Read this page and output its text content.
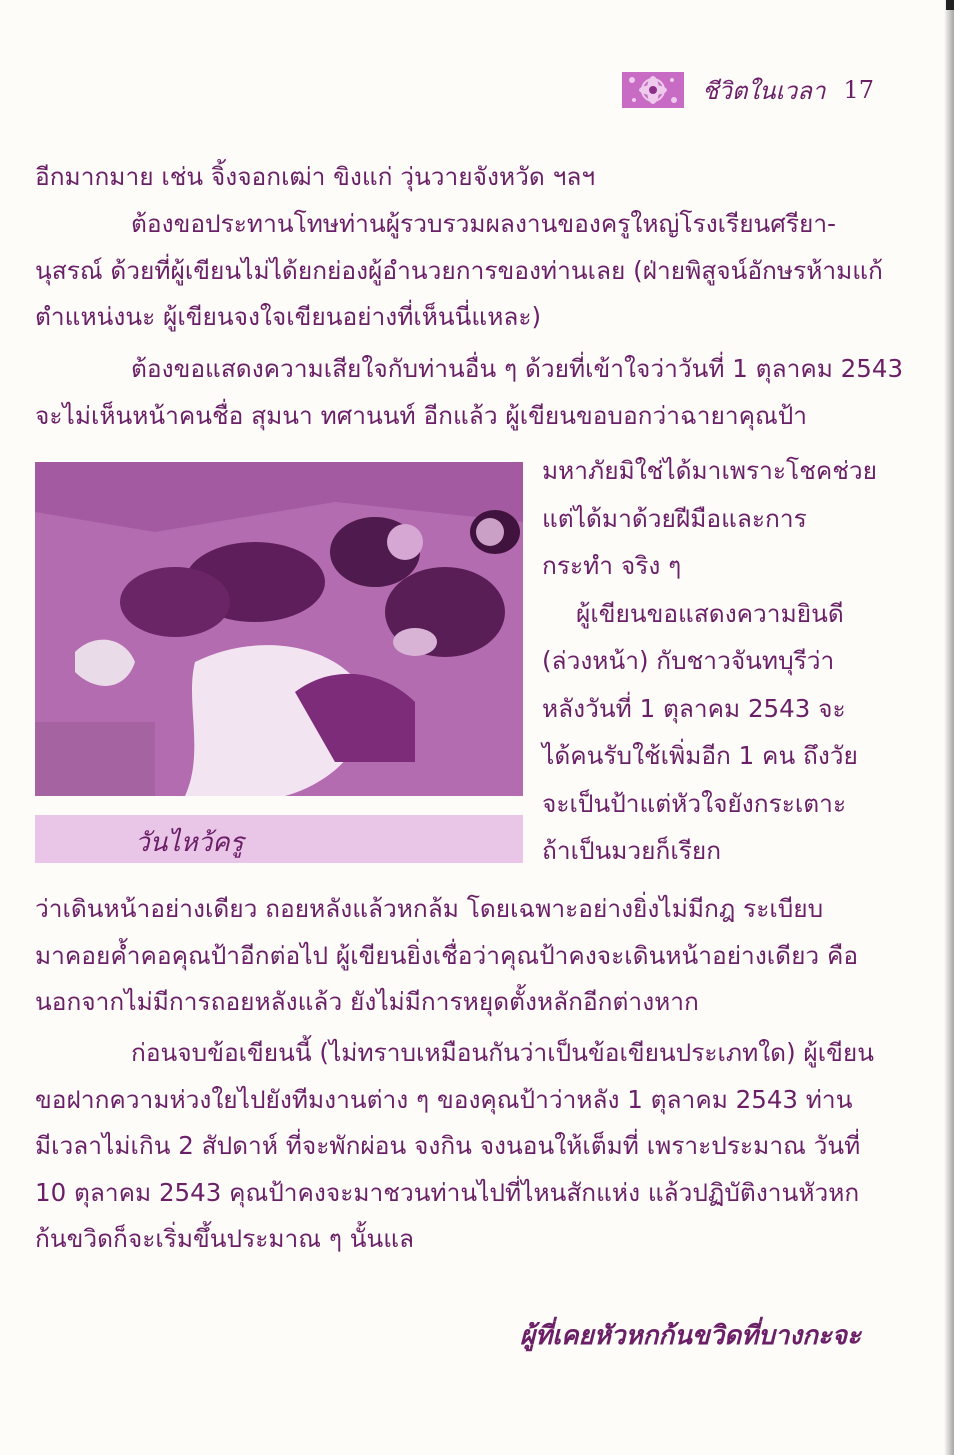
ชีวิตในเวลา 17
อีกมากมาย เช่น จิ้งจอกเฒ่า ขิงแก่ วุ่นวายจังหวัด ฯลฯ
ต้องขอประทานโทษท่านผู้รวบรวมผลงานของครูใหญ่โรงเรียนศรียา-
นุสรณ์ ด้วยที่ผู้เขียนไม่ได้ยกย่องผู้อำนวยการของท่านเลย (ฝ่ายพิสูจน์อักษรห้ามแก้
ตำแหน่งนะ ผู้เขียนจงใจเขียนอย่างที่เห็นนี่แหละ)
ต้องขอแสดงความเสียใจกับท่านอื่น ๆ ด้วยที่เข้าใจว่าวันที่ 1 ตุลาคม 2543
จะไม่เห็นหน้าคนชื่อ สุมนา ทศานนท์ อีกแล้ว ผู้เขียนขอบอกว่าฉายาคุณป้า
วันไหว้ครู
มหาภัยมิใช่ได้มาเพราะโชคช่วย
แต่ได้มาด้วยฝีมือและการ
กระทำ จริง ๆ
ผู้เขียนขอแสดงความยินดี
(ล่วงหน้า) กับชาวจันทบุรีว่า
หลังวันที่ 1 ตุลาคม 2543 จะ
ได้คนรับใช้เพิ่มอีก 1 คน ถึงวัย
จะเป็นป้าแต่หัวใจยังกระเตาะ
ถ้าเป็นมวยก็เรียก
ว่าเดินหน้าอย่างเดียว ถอยหลังแล้วหกล้ม โดยเฉพาะอย่างยิ่งไม่มีกฎ ระเบียบ
มาคอยค้ำคอคุณป้าอีกต่อไป ผู้เขียนยิ่งเชื่อว่าคุณป้าคงจะเดินหน้าอย่างเดียว คือ
นอกจากไม่มีการถอยหลังแล้ว ยังไม่มีการหยุดตั้งหลักอีกต่างหาก
ก่อนจบข้อเขียนนี้ (ไม่ทราบเหมือนกันว่าเป็นข้อเขียนประเภทใด) ผู้เขียน
ขอฝากความห่วงใยไปยังทีมงานต่าง ๆ ของคุณป้าว่าหลัง 1 ตุลาคม 2543 ท่าน
มีเวลาไม่เกิน 2 สัปดาห์ ที่จะพักผ่อน จงกิน จงนอนให้เต็มที่ เพราะประมาณ วันที่
10 ตุลาคม 2543 คุณป้าคงจะมาชวนท่านไปที่ไหนสักแห่ง แล้วปฏิบัติงานหัวหก
ก้นขวิดก็จะเริ่มขึ้นประมาณ ๆ นั้นแล
ผู้ที่เคยหัวหกก้นขวิดที่บางกะจะ
